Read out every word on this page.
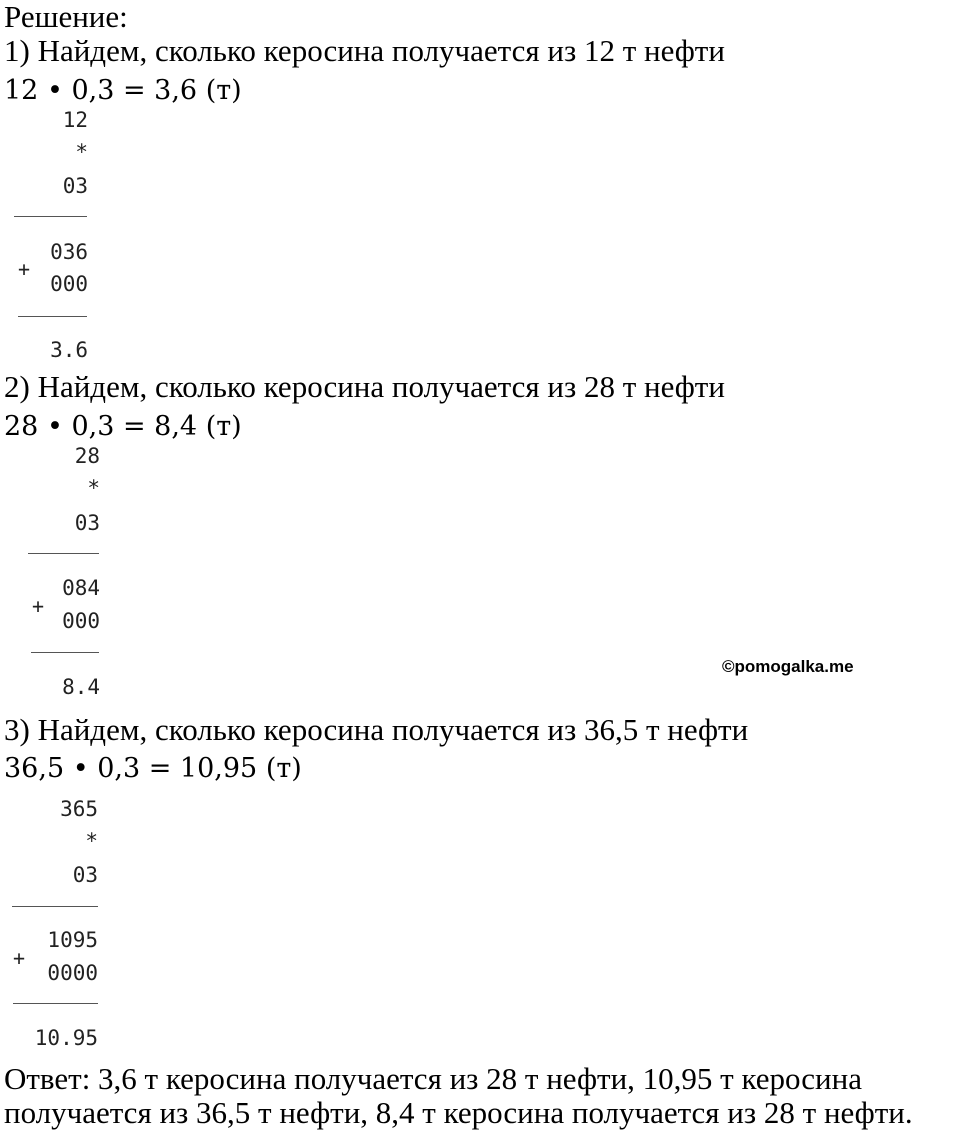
Решение:
1) Найдем, сколько керосина получается из 12 т нефти
12 • 0,3 = 3,6 (т)
12
*
03
036
+
000
3.6
2) Найдем, сколько керосина получается из 28 т нефти
28 • 0,3 = 8,4 (т)
28
*
03
084
+
000
8.4
©pomogalka.me
3) Найдем, сколько керосина получается из 36,5 т нефти
36,5 • 0,3 = 10,95 (т)
365
*
03
1095
+
0000
10.95
Ответ: 3,6 т керосина получается из 28 т нефти, 10,95 т керосина
получается из 36,5 т нефти, 8,4 т керосина получается из 28 т нефти.
